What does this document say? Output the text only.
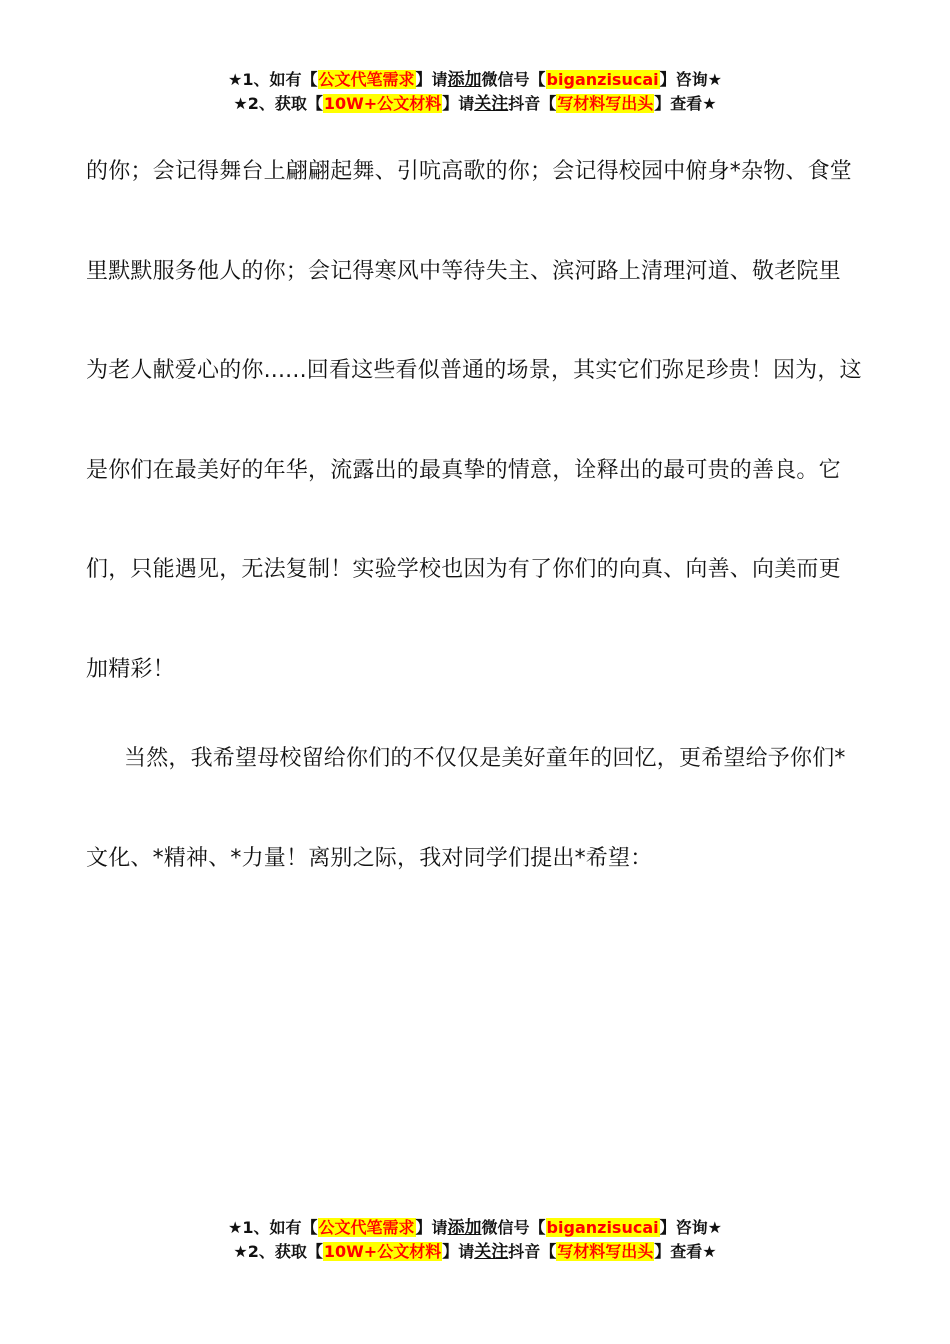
★1、如有【公文代笔需求】请添加微信号【biganzisucai】咨询★
★2、获取【10W+公文材料】请关注抖音【写材料写出头】查看★

的你；会记得舞台上翩翩起舞、引吭高歌的你；会记得校园中俯身*杂物、食堂
里默默服务他人的你；会记得寒风中等待失主、滨河路上清理河道、敬老院里
为老人献爱心的你......回看这些看似普通的场景，其实它们弥足珍贵！因为，这
是你们在最美好的年华，流露出的最真挚的情意，诠释出的最可贵的善良。它
们，只能遇见，无法复制！实验学校也因为有了你们的向真、向善、向美而更
加精彩！

当然，我希望母校留给你们的不仅仅是美好童年的回忆，更希望给予你们*
文化、*精神、*力量！离别之际，我对同学们提出*希望：

★1、如有【公文代笔需求】请添加微信号【biganzisucai】咨询★
★2、获取【10W+公文材料】请关注抖音【写材料写出头】查看★
